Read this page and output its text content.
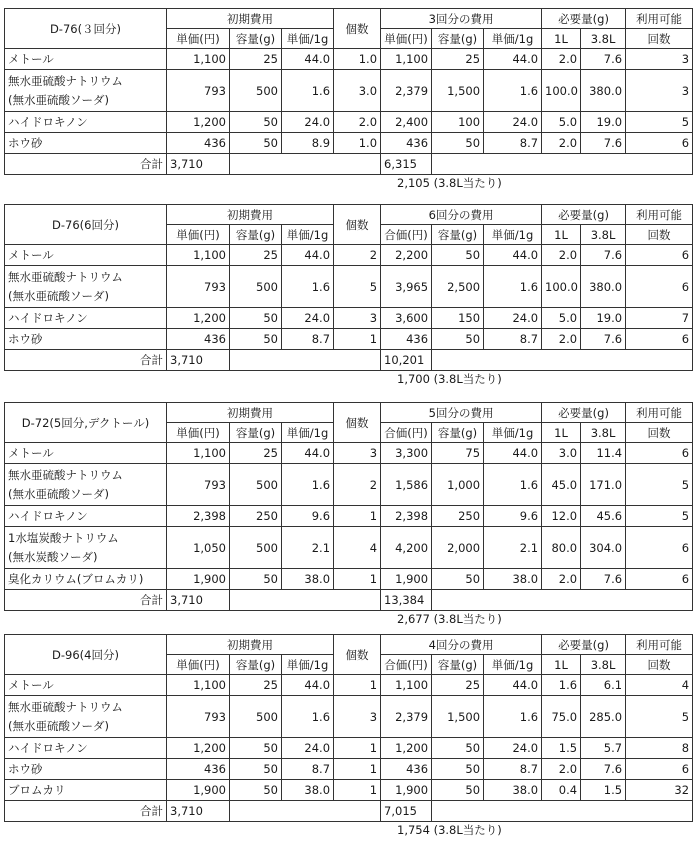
D-76(３回分)	初期費用			個数	3回分の費用			必要量(g)		利用可能
	単価(円)	容量(g)	単価/1g		単価(円)	容量(g)	単価/1g	1L	3.8L	回数
メトール	1,100	25	44.0	1.0	1,100	25	44.0	2.0	7.6	3
無水亜硫酸ナトリウム
(無水亜硫酸ソーダ)	793	500	1.6	3.0	2,379	1,500	1.6	100.0	380.0	3
ハイドロキノン	1,200	50	24.0	2.0	2,400	100	24.0	5.0	19.0	5
ホウ砂	436	50	8.9	1.0	436	50	8.7	2.0	7.6	6
合計	3,710				6,315					
2,105 (3.8L当たり)
D-76(6回分)	初期費用			個数	6回分の費用			必要量(g)		利用可能
	単価(円)	容量(g)	単価/1g		合価(円)	容量(g)	単価/1g	1L	3.8L	回数
メトール	1,100	25	44.0	2	2,200	50	44.0	2.0	7.6	6
無水亜硫酸ナトリウム
(無水亜硫酸ソーダ)	793	500	1.6	5	3,965	2,500	1.6	100.0	380.0	6
ハイドロキノン	1,200	50	24.0	3	3,600	150	24.0	5.0	19.0	7
ホウ砂	436	50	8.7	1	436	50	8.7	2.0	7.6	6
合計	3,710				10,201					
1,700 (3.8L当たり)
D-72(5回分,デクトール)	初期費用			個数	5回分の費用			必要量(g)		利用可能
	単価(円)	容量(g)	単価/1g		合価(円)	容量(g)	単価/1g	1L	3.8L	回数
メトール	1,100	25	44.0	3	3,300	75	44.0	3.0	11.4	6
無水亜硫酸ナトリウム
(無水亜硫酸ソーダ)	793	500	1.6	2	1,586	1,000	1.6	45.0	171.0	5
ハイドロキノン	2,398	250	9.6	1	2,398	250	9.6	12.0	45.6	5
1水塩炭酸ナトリウム
(無水炭酸ソーダ)	1,050	500	2.1	4	4,200	2,000	2.1	80.0	304.0	6
臭化カリウム(ブロムカリ)	1,900	50	38.0	1	1,900	50	38.0	2.0	7.6	6
合計	3,710				13,384					
2,677 (3.8L当たり)
D-96(4回分)	初期費用			個数	4回分の費用			必要量(g)		利用可能
	単価(円)	容量(g)	単価/1g		合価(円)	容量(g)	単価/1g	1L	3.8L	回数
メトール	1,100	25	44.0	1	1,100	25	44.0	1.6	6.1	4
無水亜硫酸ナトリウム
(無水亜硫酸ソーダ)	793	500	1.6	3	2,379	1,500	1.6	75.0	285.0	5
ハイドロキノン	1,200	50	24.0	1	1,200	50	24.0	1.5	5.7	8
ホウ砂	436	50	8.7	1	436	50	8.7	2.0	7.6	6
ブロムカリ	1,900	50	38.0	1	1,900	50	38.0	0.4	1.5	32
合計	3,710				7,015					
1,754 (3.8L当たり)
